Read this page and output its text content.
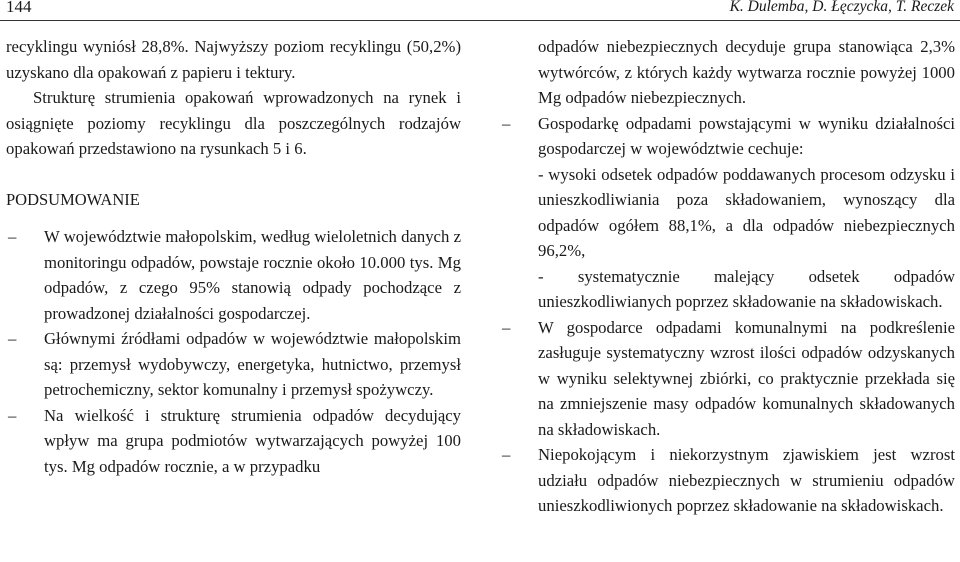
144	K. Dulemba, D. Łęczycka, T. Reczek

recyklingu wyniósł 28,8%. Najwyższy poziom recyklingu (50,2%) uzyskano dla opakowań z papieru i tektury.

Strukturę strumienia opakowań wprowadzonych na rynek i osiągnięte poziomy recyklingu dla poszczególnych rodzajów opakowań przedstawiono na rysunkach 5 i 6.

PODSUMOWANIE

– W województwie małopolskim, według wieloletnich danych z monitoringu odpadów, powstaje rocznie około 10.000 tys. Mg odpadów, z czego 95% stanowią odpady pochodzące z prowadzonej działalności gospodarczej.

– Głównymi źródłami odpadów w województwie małopolskim są: przemysł wydobywczy, energetyka, hutnictwo, przemysł petrochemiczny, sektor komunalny i przemysł spożywczy.

– Na wielkość i strukturę strumienia odpadów decydujący wpływ ma grupa podmiotów wytwarzających powyżej 100 tys. Mg odpadów rocznie, a w przypadku

odpadów niebezpiecznych decyduje grupa stanowiąca 2,3% wytwórców, z których każdy wytwarza rocznie powyżej 1000 Mg odpadów niebezpiecznych.

– Gospodarkę odpadami powstającymi w wyniku działalności gospodarczej w województwie cechuje:

- wysoki odsetek odpadów poddawanych procesom odzysku i unieszkodliwiania poza składowaniem, wynoszący dla odpadów ogółem 88,1%, a dla odpadów niebezpiecznych 96,2%,

- systematycznie malejący odsetek odpadów unieszkodliwianych poprzez składowanie na składowiskach.

– W gospodarce odpadami komunalnymi na podkreślenie zasługuje systematyczny wzrost ilości odpadów odzyskanych w wyniku selektywnej zbiórki, co praktycznie przekłada się na zmniejszenie masy odpadów komunalnych składowanych na składowiskach.

– Niepokojącym i niekorzystnym zjawiskiem jest wzrost udziału odpadów niebezpiecznych w strumieniu odpadów unieszkodliwionych poprzez składowanie na składowiskach.
